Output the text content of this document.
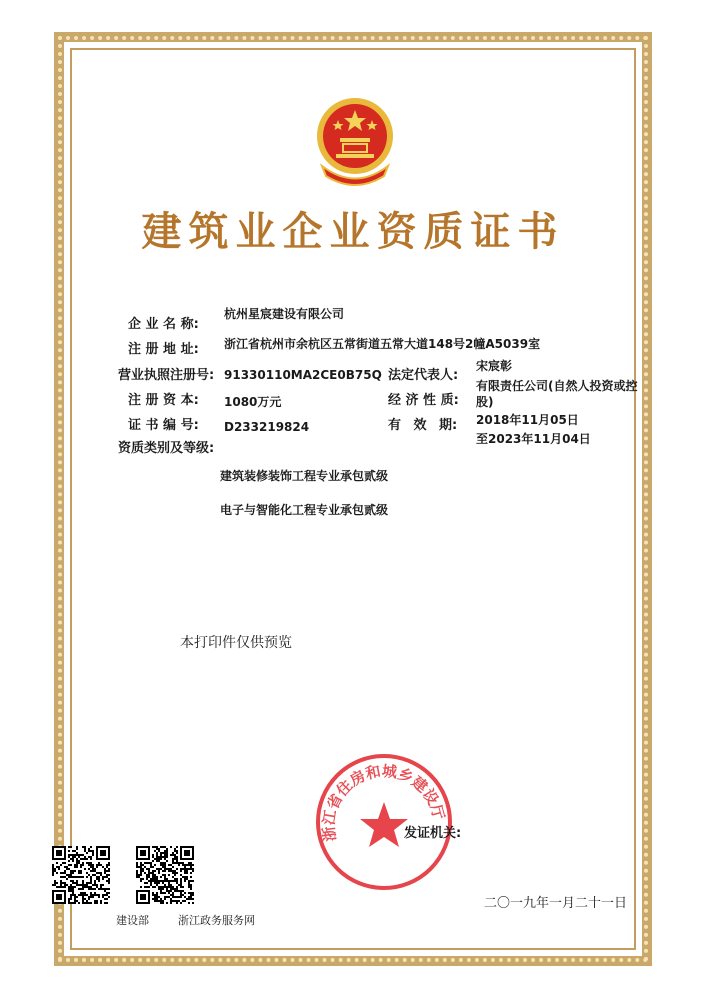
建筑业企业资质证书
企 业 名 称:
杭州星宸建设有限公司
注 册 地 址: 浙江省杭州市余杭区五常街道五常大道148号2幢A5039室
营业执照注册号: 91330110MA2CE0B75Q 法定代表人:
宋宸彰
注 册 资 本: 1080万元	经 济 性 质:
有限责任公司(自然人投资或控股)
证 书 编 号: D233219824	有 效 期: 2018年11月05日
至2023年11月04日
资质类别及等级:
建筑装修装饰工程专业承包贰级
电子与智能化工程专业承包贰级
本打印件仅供预览
浙江省住房和城乡建设厅
发证机关:
二〇一九年一月二十一日
建设部	浙江政务服务网
